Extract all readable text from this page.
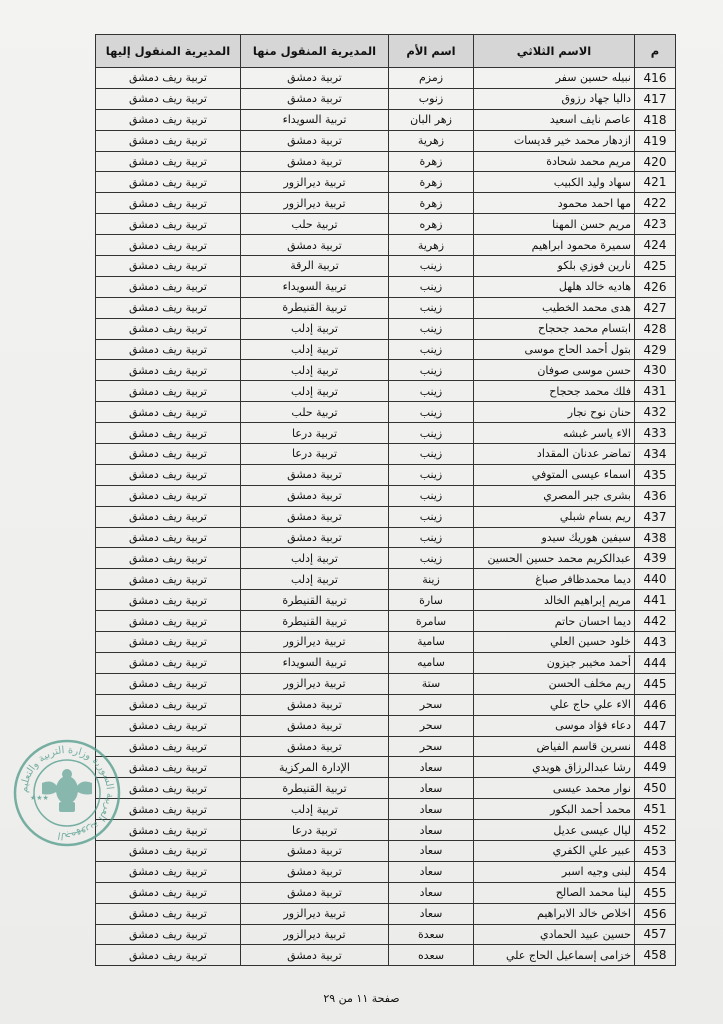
م	الاسم الثلاثي	اسم الأم	المديرية المنقول منها	المديرية المنقول إليها
416	نبيله حسين سفر	زمزم	تربية دمشق	تربية ريف دمشق
417	داليا جهاد رزوق	زنوب	تربية دمشق	تربية ريف دمشق
418	عاصم نايف اسعيد	زهر البان	تربية السويداء	تربية ريف دمشق
419	ازدهار محمد خير قديسات	زهرية	تربية دمشق	تربية ريف دمشق
420	مريم محمد شحادة	زهرة	تربية دمشق	تربية ريف دمشق
421	سهاد وليد الكبيب	زهرة	تربية ديرالزور	تربية ريف دمشق
422	مها احمد محمود	زهرة	تربية ديرالزور	تربية ريف دمشق
423	مريم حسن المهنا	زهره	تربية حلب	تربية ريف دمشق
424	سميرة محمود ابراهيم	زهرية	تربية دمشق	تربية ريف دمشق
425	نارين فوزي بلكو	زينب	تربية الرقة	تربية ريف دمشق
426	هاديه خالد هلهل	زينب	تربية السويداء	تربية ريف دمشق
427	هدى محمد الخطيب	زينب	تربية القنيطرة	تربية ريف دمشق
428	ابتسام محمد جحجاح	زينب	تربية إدلب	تربية ريف دمشق
429	بتول أحمد الحاج موسى	زينب	تربية إدلب	تربية ريف دمشق
430	حسن موسى صوفان	زينب	تربية إدلب	تربية ريف دمشق
431	فلك محمد جحجاح	زينب	تربية إدلب	تربية ريف دمشق
432	حنان نوح نجار	زينب	تربية حلب	تربية ريف دمشق
433	الاء ياسر غبشه	زينب	تربية درعا	تربية ريف دمشق
434	تماضر عدنان المقداد	زينب	تربية درعا	تربية ريف دمشق
435	اسماء عيسى المتوفي	زينب	تربية دمشق	تربية ريف دمشق
436	بشرى جبر المصري	زينب	تربية دمشق	تربية ريف دمشق
437	ريم بسام شبلي	زينب	تربية دمشق	تربية ريف دمشق
438	سيفين هوريك سيدو	زينب	تربية دمشق	تربية ريف دمشق
439	عبدالكريم محمد حسين الحسين	زينب	تربية إدلب	تربية ريف دمشق
440	ديما محمدظافر صباغ	زينة	تربية إدلب	تربية ريف دمشق
441	مريم إبراهيم الخالد	سارة	تربية القنيطرة	تربية ريف دمشق
442	ديما احسان حاتم	سامرة	تربية القنيطرة	تربية ريف دمشق
443	خلود حسين العلي	سامية	تربية ديرالزور	تربية ريف دمشق
444	أحمد مخيبر جيزون	ساميه	تربية السويداء	تربية ريف دمشق
445	ريم مخلف الحسن	ستة	تربية ديرالزور	تربية ريف دمشق
446	الاء علي حاج علي	سحر	تربية دمشق	تربية ريف دمشق
447	دعاء فؤاد موسى	سحر	تربية دمشق	تربية ريف دمشق
448	نسرين قاسم الفياض	سحر	تربية دمشق	تربية ريف دمشق
449	رشا عبدالرزاق هويدي	سعاد	الإدارة المركزية	تربية ريف دمشق
450	نوار محمد عيسى	سعاد	تربية القنيطرة	تربية ريف دمشق
451	محمد أحمد البكور	سعاد	تربية إدلب	تربية ريف دمشق
452	ليال عيسى عديل	سعاد	تربية درعا	تربية ريف دمشق
453	عبير علي الكفري	سعاد	تربية دمشق	تربية ريف دمشق
454	لبنى وجيه اسبر	سعاد	تربية دمشق	تربية ريف دمشق
455	لينا محمد الصالح	سعاد	تربية دمشق	تربية ريف دمشق
456	اخلاص خالد الابراهيم	سعاد	تربية ديرالزور	تربية ريف دمشق
457	حسين عبيد الحمادي	سعدة	تربية ديرالزور	تربية ريف دمشق
458	خزامى إسماعيل الحاج علي	سعده	تربية دمشق	تربية ريف دمشق
الجمهورية العربية السورية وزارة التربية والتعليم
★★★
صفحة ١١ من ٢٩
